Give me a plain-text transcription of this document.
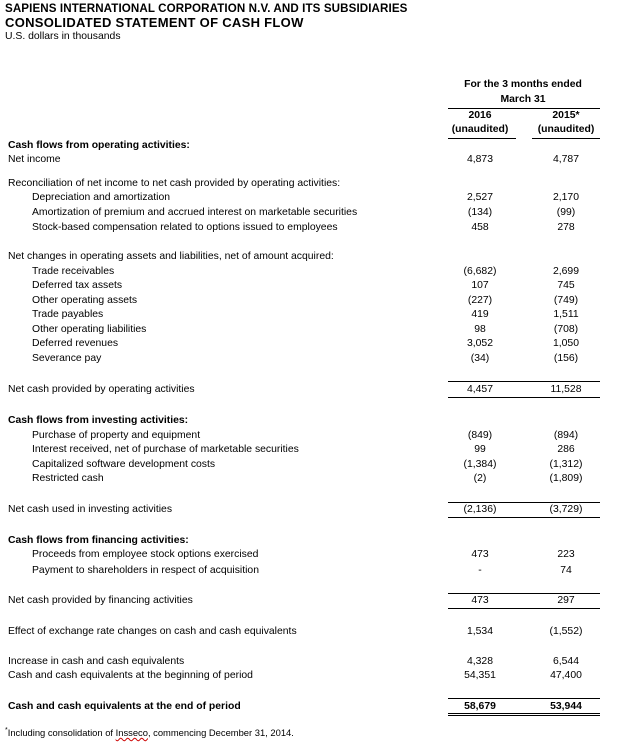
SAPIENS INTERNATIONAL CORPORATION N.V. AND ITS SUBSIDIARIES
CONSOLIDATED STATEMENT OF CASH FLOW
U.S. dollars in thousands
For the 3 months ended
March 31
2016	2015*
(unaudited)	(unaudited)
Cash flows from operating activities:
Net income	4,873	4,787
Reconciliation of net income to net cash provided by operating activities:
Depreciation and amortization	2,527	2,170
Amortization of premium and accrued interest on marketable securities	(134)	(99)
Stock-based compensation related to options issued to employees	458	278
Net changes in operating assets and liabilities, net of amount acquired:
Trade receivables	(6,682)	2,699
Deferred tax assets	107	745
Other operating assets	(227)	(749)
Trade payables	419	1,511
Other operating liabilities	98	(708)
Deferred revenues	3,052	1,050
Severance pay	(34)	(156)
Net cash provided by operating activities	4,457	11,528
Cash flows from investing activities:
Purchase of property and equipment	(849)	(894)
Interest received, net of purchase of marketable securities	99	286
Capitalized software development costs	(1,384)	(1,312)
Restricted cash	(2)	(1,809)
Net cash used in investing activities	(2,136)	(3,729)
Cash flows from financing activities:
Proceeds from employee stock options exercised	473	223
Payment to shareholders in respect of acquisition	-	74
Net cash provided by financing activities	473	297
Effect of exchange rate changes on cash and cash equivalents	1,534	(1,552)
Increase in cash and cash equivalents	4,328	6,544
Cash and cash equivalents at the beginning of period	54,351	47,400
Cash and cash equivalents at the end of period	58,679	53,944
*Including consolidation of Insseco, commencing December 31, 2014.
